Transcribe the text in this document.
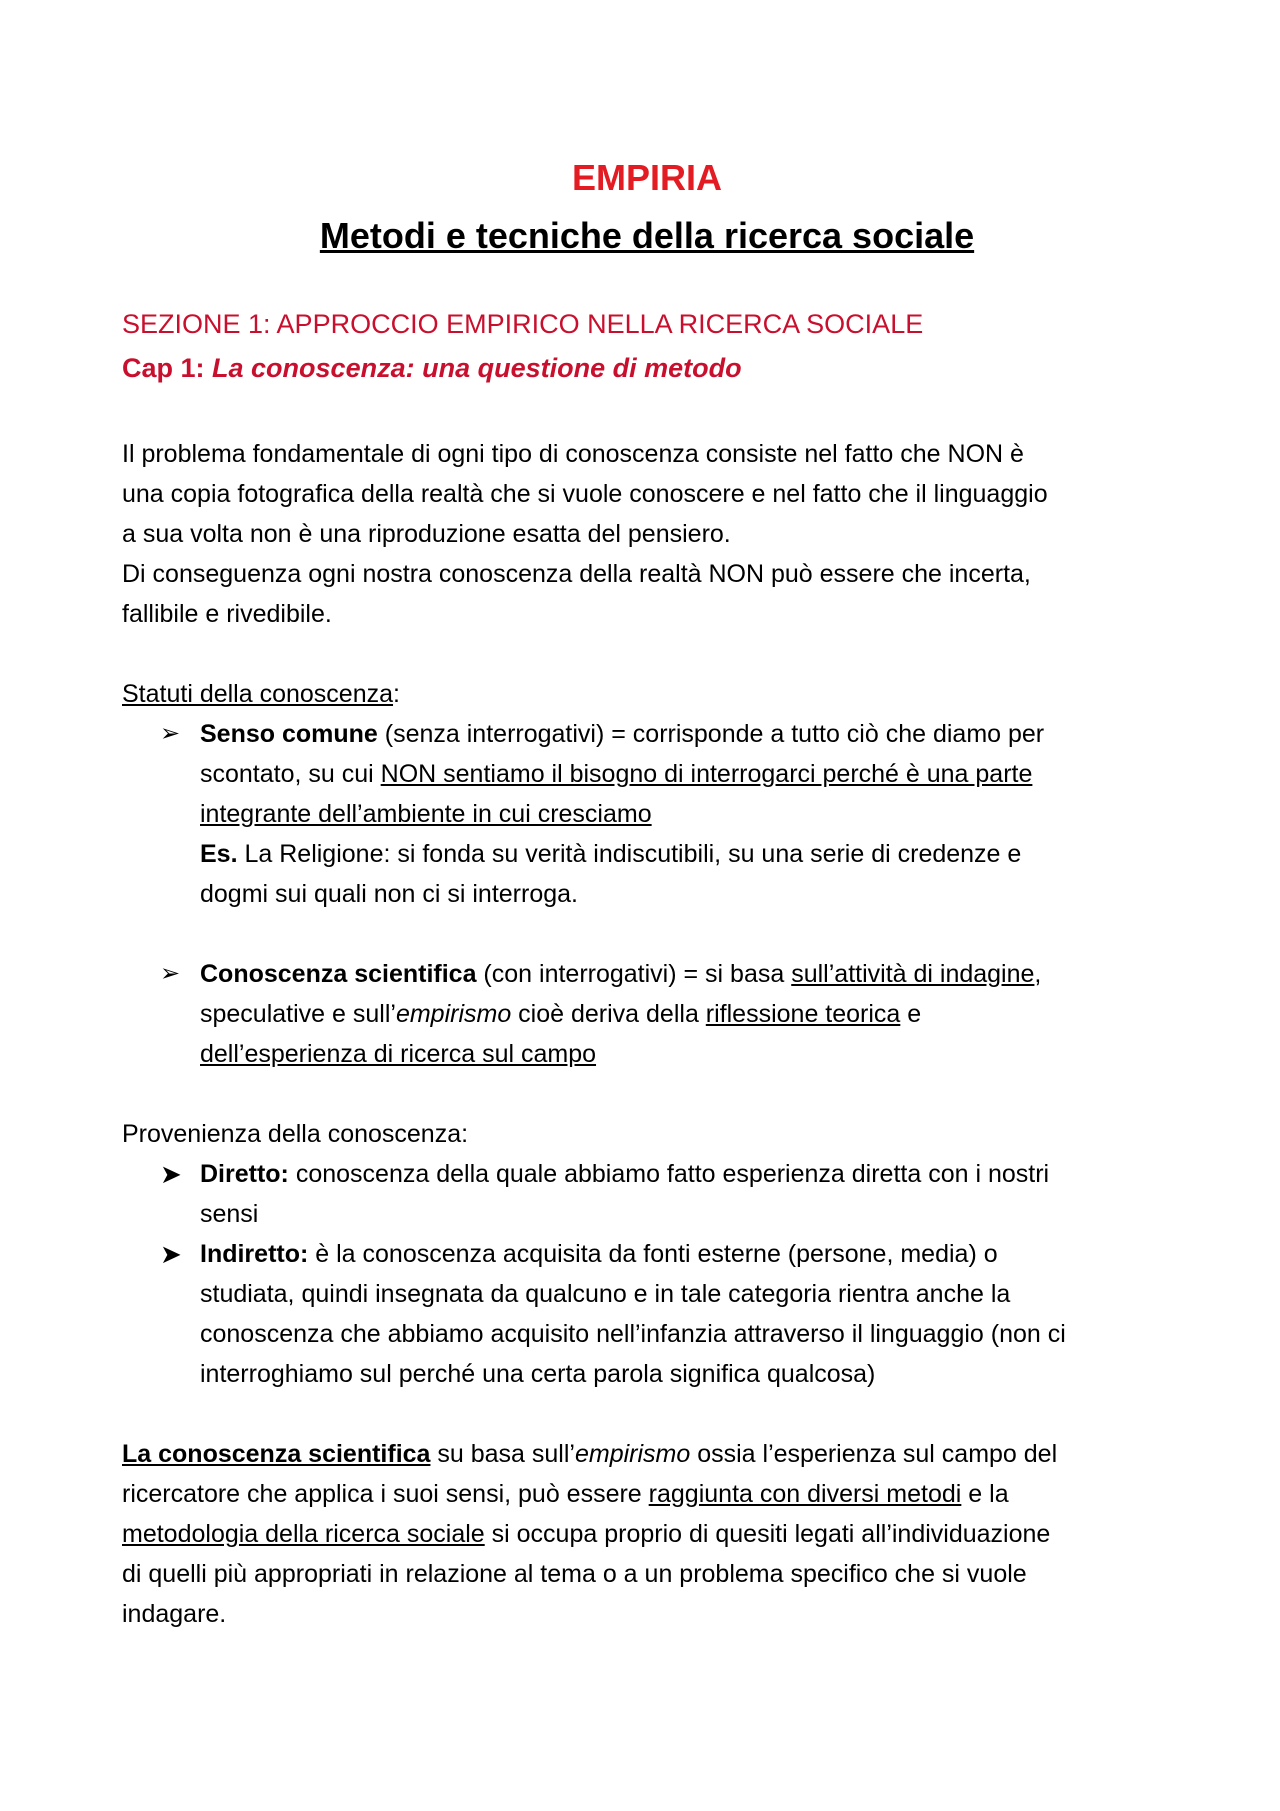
EMPIRIA
Metodi e tecniche della ricerca sociale
SEZIONE 1: APPROCCIO EMPIRICO NELLA RICERCA SOCIALE
Cap 1: La conoscenza: una questione di metodo
Il problema fondamentale di ogni tipo di conoscenza consiste nel fatto che NON è
una copia fotografica della realtà che si vuole conoscere e nel fatto che il linguaggio
a sua volta non è una riproduzione esatta del pensiero.
Di conseguenza ogni nostra conoscenza della realtà NON può essere che incerta,
fallibile e rivedibile.
Statuti della conoscenza:
➢ Senso comune (senza interrogativi) = corrisponde a tutto ciò che diamo per
scontato, su cui NON sentiamo il bisogno di interrogarci perché è una parte
integrante dell’ambiente in cui cresciamo
Es. La Religione: si fonda su verità indiscutibili, su una serie di credenze e
dogmi sui quali non ci si interroga.
➢ Conoscenza scientifica (con interrogativi) = si basa sull’attività di indagine,
speculative e sull’empirismo cioè deriva della riflessione teorica e
dell’esperienza di ricerca sul campo
Provenienza della conoscenza:
➤ Diretto: conoscenza della quale abbiamo fatto esperienza diretta con i nostri
sensi
➤ Indiretto: è la conoscenza acquisita da fonti esterne (persone, media) o
studiata, quindi insegnata da qualcuno e in tale categoria rientra anche la
conoscenza che abbiamo acquisito nell’infanzia attraverso il linguaggio (non ci
interroghiamo sul perché una certa parola significa qualcosa)
La conoscenza scientifica su basa sull’empirismo ossia l’esperienza sul campo del
ricercatore che applica i suoi sensi, può essere raggiunta con diversi metodi e la
metodologia della ricerca sociale si occupa proprio di quesiti legati all’individuazione
di quelli più appropriati in relazione al tema o a un problema specifico che si vuole
indagare.
